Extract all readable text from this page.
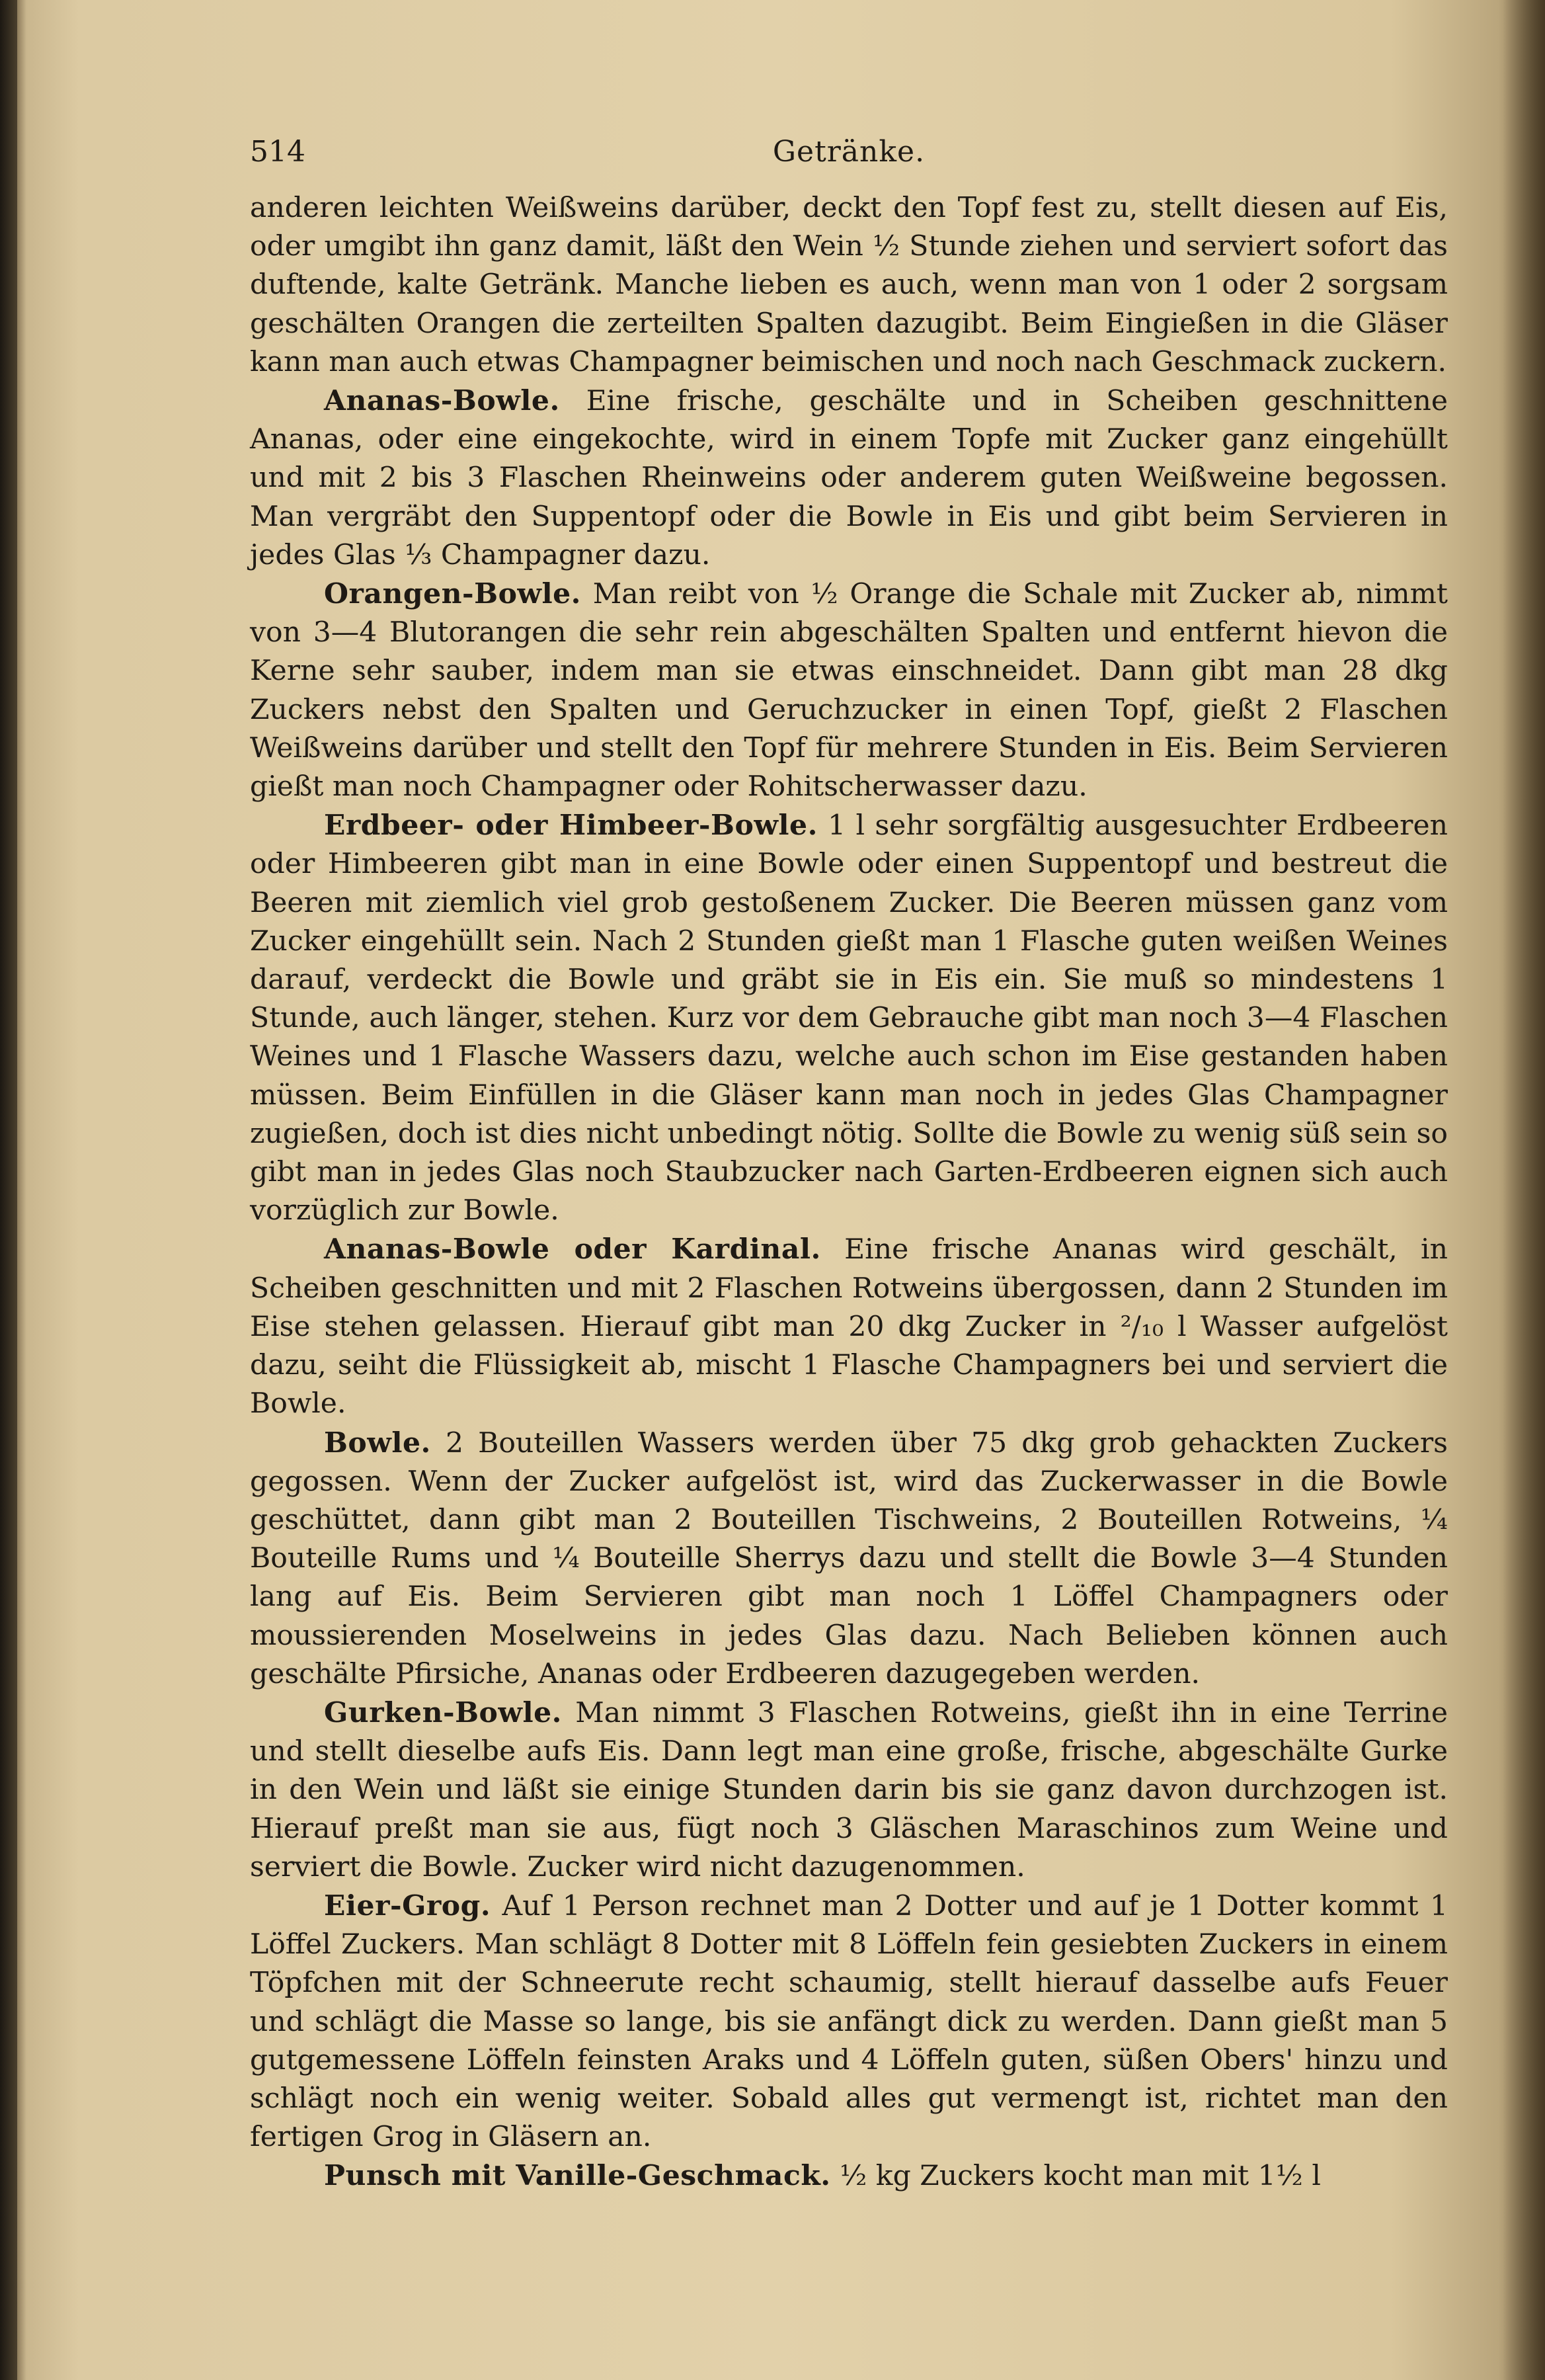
514	Getränke.

anderen leichten Weißweins darüber, deckt den Topf fest zu, stellt diesen auf Eis, oder umgibt ihn ganz damit, läßt den Wein ½ Stunde ziehen und serviert sofort das duftende, kalte Getränk. Manche lieben es auch, wenn man von 1 oder 2 sorgsam geschälten Orangen die zerteilten Spalten dazugibt. Beim Eingießen in die Gläser kann man auch etwas Champagner beimischen und noch nach Geschmack zuckern.

Ananas-Bowle. Eine frische, geschälte und in Scheiben geschnittene Ananas, oder eine eingekochte, wird in einem Topfe mit Zucker ganz eingehüllt und mit 2 bis 3 Flaschen Rheinweins oder anderem guten Weißweine begossen. Man vergräbt den Suppentopf oder die Bowle in Eis und gibt beim Servieren in jedes Glas ⅓ Champagner dazu.

Orangen-Bowle. Man reibt von ½ Orange die Schale mit Zucker ab, nimmt von 3—4 Blutorangen die sehr rein abgeschälten Spalten und entfernt hievon die Kerne sehr sauber, indem man sie etwas einschneidet. Dann gibt man 28 dkg Zuckers nebst den Spalten und Geruchzucker in einen Topf, gießt 2 Flaschen Weißweins darüber und stellt den Topf für mehrere Stunden in Eis. Beim Servieren gießt man noch Champagner oder Rohitscherwasser dazu.

Erdbeer- oder Himbeer-Bowle. 1 l sehr sorgfältig ausgesuchter Erdbeeren oder Himbeeren gibt man in eine Bowle oder einen Suppentopf und bestreut die Beeren mit ziemlich viel grob gestoßenem Zucker. Die Beeren müssen ganz vom Zucker eingehüllt sein. Nach 2 Stunden gießt man 1 Flasche guten weißen Weines darauf, verdeckt die Bowle und gräbt sie in Eis ein. Sie muß so mindestens 1 Stunde, auch länger, stehen. Kurz vor dem Gebrauche gibt man noch 3—4 Flaschen Weines und 1 Flasche Wassers dazu, welche auch schon im Eise gestanden haben müssen. Beim Einfüllen in die Gläser kann man noch in jedes Glas Champagner zugießen, doch ist dies nicht unbedingt nötig. Sollte die Bowle zu wenig süß sein so gibt man in jedes Glas noch Staubzucker nach Garten-Erdbeeren eignen sich auch vorzüglich zur Bowle.

Ananas-Bowle oder Kardinal. Eine frische Ananas wird geschält, in Scheiben geschnitten und mit 2 Flaschen Rotweins übergossen, dann 2 Stunden im Eise stehen gelassen. Hierauf gibt man 20 dkg Zucker in ²/₁₀ l Wasser aufgelöst dazu, seiht die Flüssigkeit ab, mischt 1 Flasche Champagners bei und serviert die Bowle.

Bowle. 2 Bouteillen Wassers werden über 75 dkg grob gehackten Zuckers gegossen. Wenn der Zucker aufgelöst ist, wird das Zuckerwasser in die Bowle geschüttet, dann gibt man 2 Bouteillen Tischweins, 2 Bouteillen Rotweins, ¼ Bouteille Rums und ¼ Bouteille Sherrys dazu und stellt die Bowle 3—4 Stunden lang auf Eis. Beim Servieren gibt man noch 1 Löffel Champagners oder moussierenden Moselweins in jedes Glas dazu. Nach Belieben können auch geschälte Pfirsiche, Ananas oder Erdbeeren dazugegeben werden.

Gurken-Bowle. Man nimmt 3 Flaschen Rotweins, gießt ihn in eine Terrine und stellt dieselbe aufs Eis. Dann legt man eine große, frische, abgeschälte Gurke in den Wein und läßt sie einige Stunden darin bis sie ganz davon durchzogen ist. Hierauf preßt man sie aus, fügt noch 3 Gläschen Maraschinos zum Weine und serviert die Bowle. Zucker wird nicht dazugenommen.

Eier-Grog. Auf 1 Person rechnet man 2 Dotter und auf je 1 Dotter kommt 1 Löffel Zuckers. Man schlägt 8 Dotter mit 8 Löffeln fein gesiebten Zuckers in einem Töpfchen mit der Schneerute recht schaumig, stellt hierauf dasselbe aufs Feuer und schlägt die Masse so lange, bis sie anfängt dick zu werden. Dann gießt man 5 gutgemessene Löffeln feinsten Araks und 4 Löffeln guten, süßen Obers' hinzu und schlägt noch ein wenig weiter. Sobald alles gut vermengt ist, richtet man den fertigen Grog in Gläsern an.

Punsch mit Vanille-Geschmack. ½ kg Zuckers kocht man mit 1½ l
